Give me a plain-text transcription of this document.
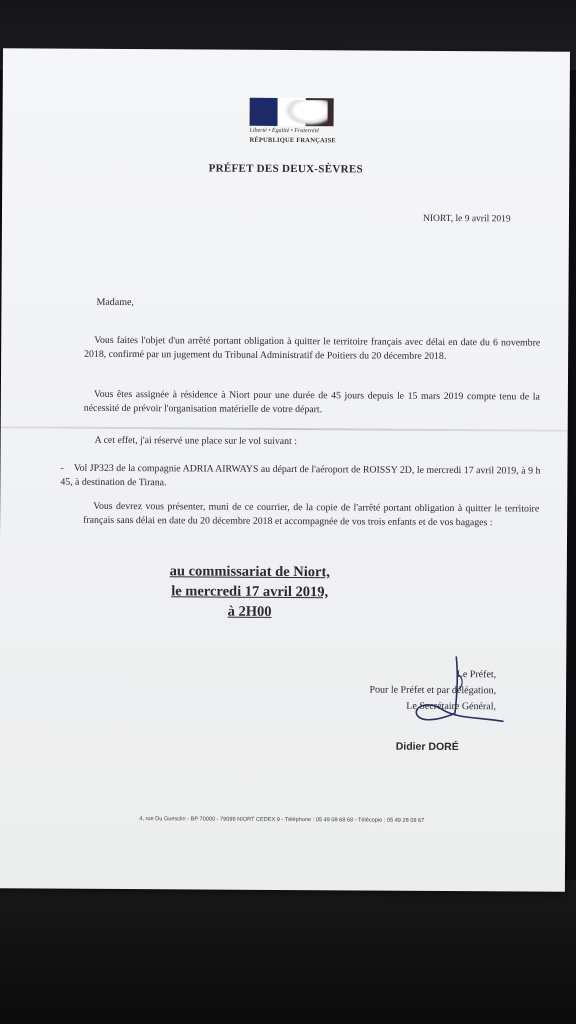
Liberté • Égalité • Fraternité
RÉPUBLIQUE FRANÇAISE
PRÉFET DES DEUX-SÈVRES
NIORT, le 9 avril 2019
Madame,

Vous faites l'objet d'un arrêté portant obligation à quitter le territoire français avec délai en date du 6 novembre 2018, confirmé par un jugement du Tribunal Administratif de Poitiers du 20 décembre 2018.

Vous êtes assignée à résidence à Niort pour une durée de 45 jours depuis le 15 mars 2019 compte tenu de la nécessité de prévoir l'organisation matérielle de votre départ.

A cet effet, j'ai réservé une place sur le vol suivant :

-    Vol JP323 de la compagnie ADRIA AIRWAYS au départ de l'aéroport de ROISSY 2D, le mercredi 17 avril 2019, à 9 h 45, à destination de Tirana.

Vous devrez vous présenter, muni de ce courrier, de la copie de l'arrêté portant obligation à quitter le territoire français sans délai en date du 20 décembre 2018 et accompagnée de vos trois enfants et de vos bagages :

au commissariat de Niort,
le mercredi 17 avril 2019,
à 2H00
Le Préfet,
Pour le Préfet et par délégation,
Le Secrétaire Général,
Didier DORÉ
4, rue Du Guesclin - BP 70000 - 79099 NIORT CEDEX 9 - Téléphone : 05 49 08 68 68 - Télécopie : 05 49 28 09 67
